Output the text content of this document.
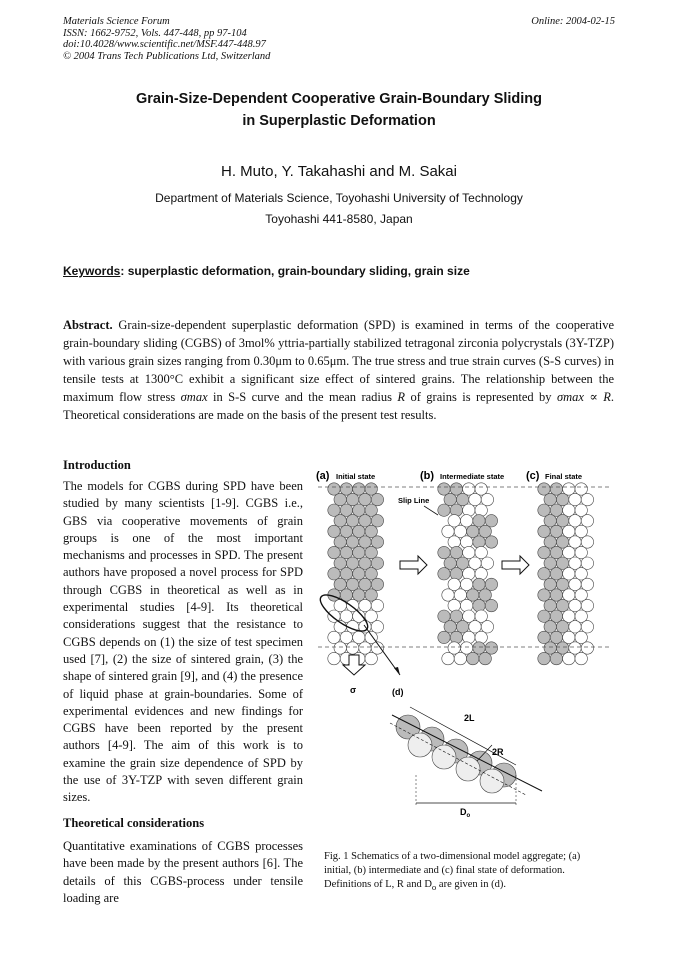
Materials Science Forum
ISSN: 1662-9752, Vols. 447-448, pp 97-104
doi:10.4028/www.scientific.net/MSF.447-448.97
© 2004 Trans Tech Publications Ltd, Switzerland
Online: 2004-02-15
Grain-Size-Dependent Cooperative Grain-Boundary Sliding
in Superplastic Deformation
H. Muto, Y. Takahashi and M. Sakai
Department of Materials Science, Toyohashi University of Technology
Toyohashi 441-8580, Japan
Keywords: superplastic deformation, grain-boundary sliding, grain size
Abstract. Grain-size-dependent superplastic deformation (SPD) is examined in terms of the cooperative grain-boundary sliding (CGBS) of 3mol% yttria-partially stabilized tetragonal zirconia polycrystals (3Y-TZP) with various grain sizes ranging from 0.30μm to 0.65μm. The true stress and true strain curves (S-S curves) in tensile tests at 1300°C exhibit a significant size effect of sintered grains. The relationship between the maximum flow stress σmax in S-S curve and the mean radius R of grains is represented by σmax ∝ R. Theoretical considerations are made on the basis of the present test results.
Introduction
The models for CGBS during SPD have been studied by many scientists [1-9]. CGBS i.e., GBS via cooperative movements of grain groups is one of the most important mechanisms and processes in SPD. The present authors have proposed a novel process for SPD through CGBS in theoretical as well as in experimental studies [4-9]. Its theoretical considerations suggest that the resistance to CGBS depends on (1) the size of test specimen used [7], (2) the size of sintered grain, (3) the shape of sintered grain [9], and (4) the presence of liquid phase at grain-boundaries. Some of experimental evidences and new findings for CGBS have been reported by the present authors [4-9]. The aim of this work is to examine the grain size dependence of SPD by the use of 3Y-TZP with seven different grain sizes.
Theoretical considerations
Quantitative examinations of CGBS processes have been made by the present authors [6]. The details of this CGBS-process under tensile loading are
(a) Initial state	(b) Intermediate state (c) Final state
Slip Line
σ	(d)
2L
2R
$D_o$
Fig. 1 Schematics of a two-dimensional model aggregate; (a) initial, (b) intermediate and (c) final state of deformation. Definitions of L, R and $D_o$ are given in (d).
